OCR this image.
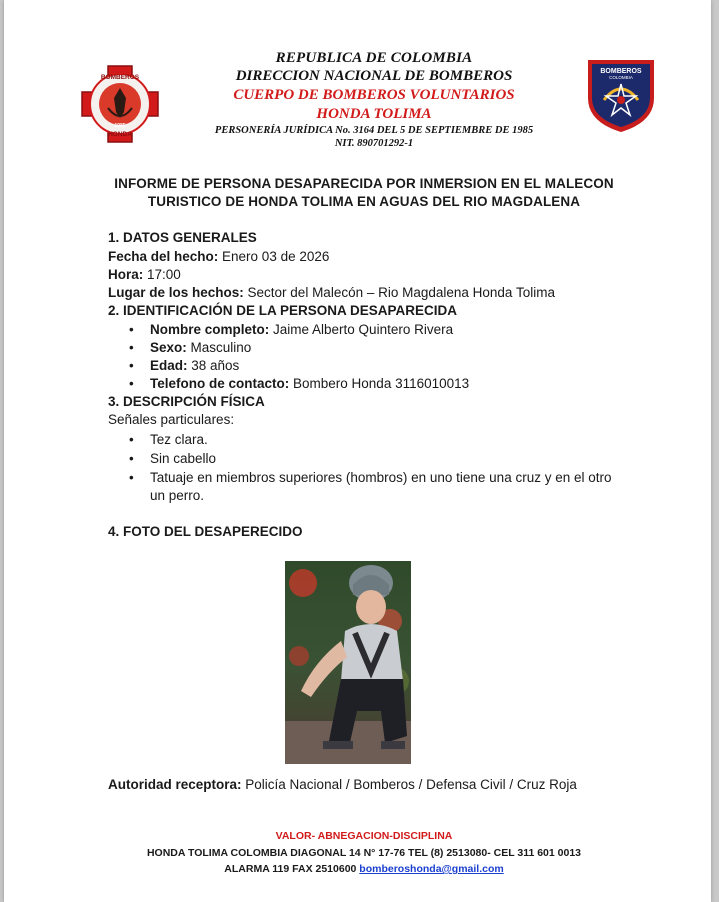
BOMBEROS
HONDA
1985
REPUBLICA DE COLOMBIA
DIRECCION NACIONAL DE BOMBEROS
CUERPO DE BOMBEROS VOLUNTARIOS
HONDA TOLIMA
PERSONERÍA JURÍDICA No. 3164 DEL 5 DE SEPTIEMBRE DE 1985
NIT. 890701292-1
BOMBEROS
COLOMBIA
INFORME DE PERSONA DESAPARECIDA POR INMERSION EN EL MALECON
TURISTICO DE HONDA TOLIMA EN AGUAS DEL RIO MAGDALENA
1. DATOS GENERALES
Fecha del hecho: Enero 03 de 2026
Hora: 17:00
Lugar de los hechos: Sector del Malecón – Rio Magdalena Honda Tolima
2. IDENTIFICACIÓN DE LA PERSONA DESAPARECIDA
• Nombre completo: Jaime Alberto Quintero Rivera
• Sexo: Masculino
• Edad: 38 años
• Telefono de contacto: Bombero Honda 3116010013
3. DESCRIPCIÓN FÍSICA
Señales particulares:
• Tez clara.
• Sin cabello
• Tatuaje en miembros superiores (hombros) en uno tiene una cruz y en el otro
un perro.
4. FOTO DEL DESAPERECIDO
Autoridad receptora: Policía Nacional / Bomberos / Defensa Civil / Cruz Roja
VALOR- ABNEGACION-DISCIPLINA
HONDA TOLIMA COLOMBIA DIAGONAL 14 N° 17-76 TEL (8) 2513080- CEL 311 601 0013
ALARMA 119 FAX 2510600 bomberoshonda@gmail.com
